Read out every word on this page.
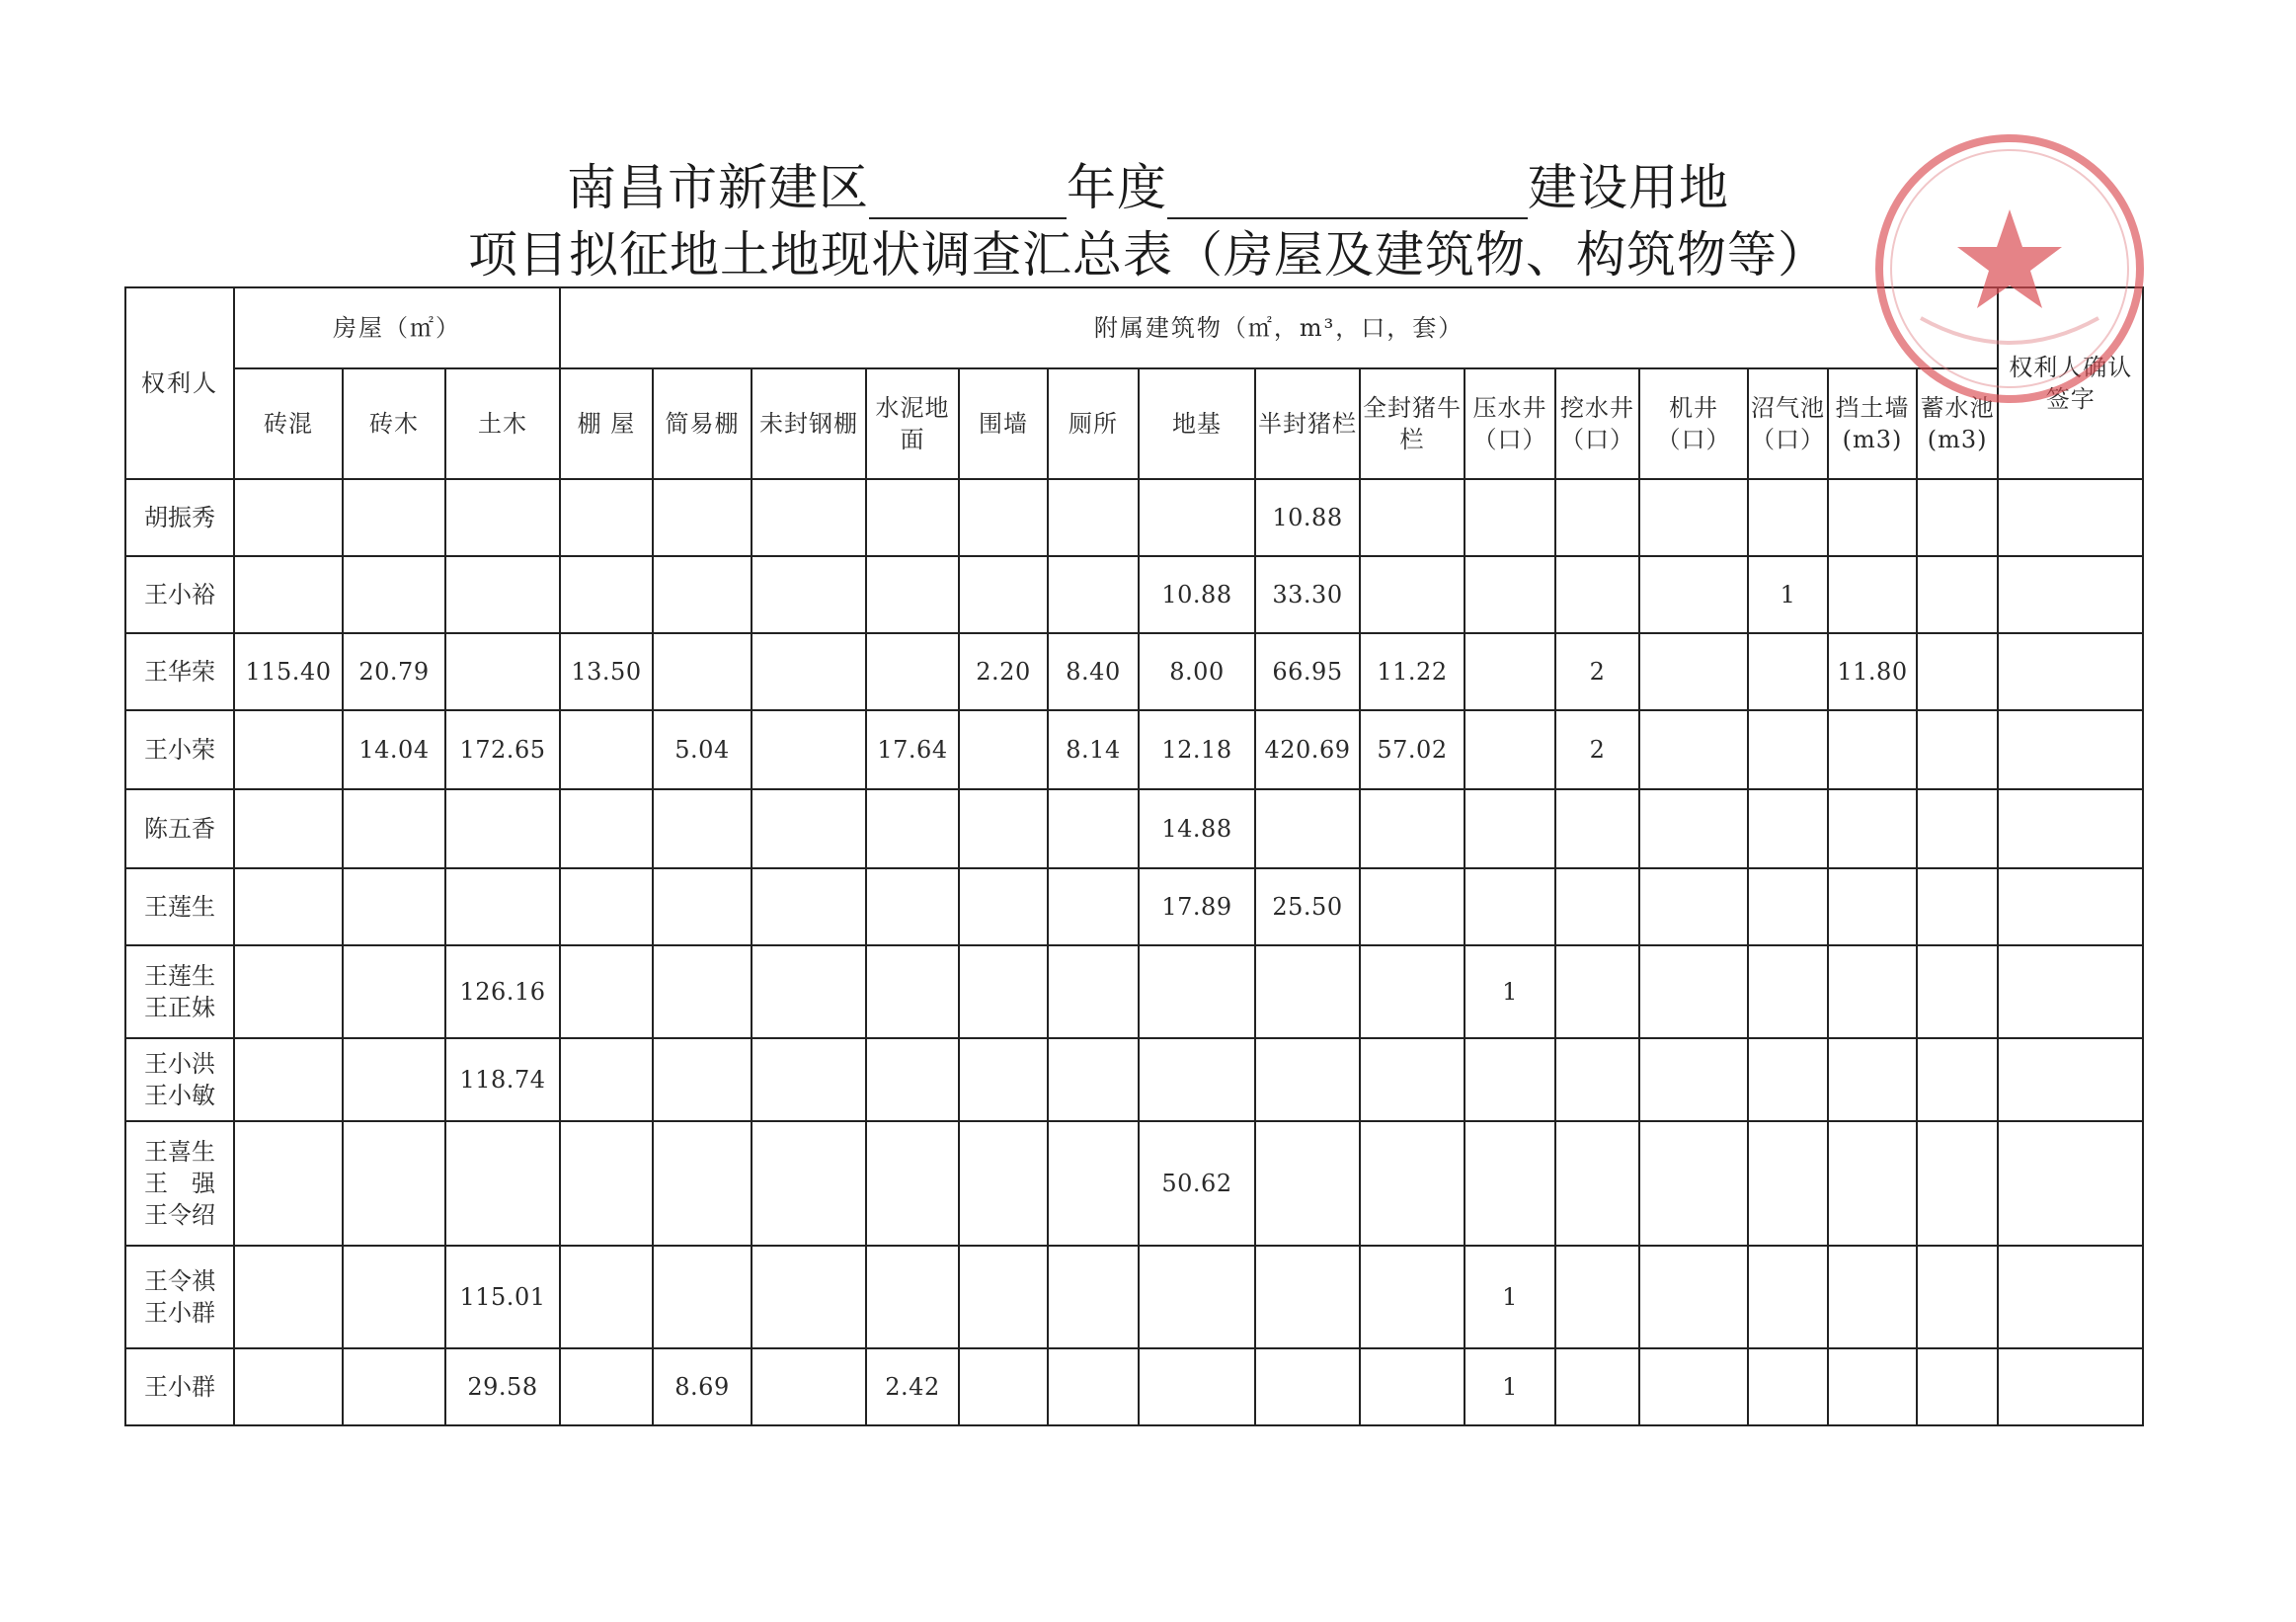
南昌市新建区	年度	建设用地
项目拟征地土地现状调查汇总表（房屋及建筑物、构筑物等）
权利人	房屋（㎡）			附属建筑物（㎡，m³，口，套）															权利人确认签字
	砖混	砖木	土木	棚 屋	简易棚	未封钢棚	水泥地面	围墙	厕所	地基	半封猪栏	全封猪牛栏	压水井（口）	挖水井（口）	机井（口）	沼气池（口）	挡土墙(m3)	蓄水池(m3)	
胡振秀											10.88								
王小裕										10.88	33.30					1			
王华荣	115.40	20.79		13.50				2.20	8.40	8.00	66.95	11.22		2			11.80		
王小荣		14.04	172.65		5.04		17.64		8.14	12.18	420.69	57.02		2					
陈五香										14.88									
王莲生										17.89	25.50								
王莲生
王正妹			126.16										1						
王小洪
王小敏			118.74																
王喜生
王　强
王令绍										50.62									
王令祺
王小群			115.01										1						
王小群			29.58		8.69		2.42						1						
